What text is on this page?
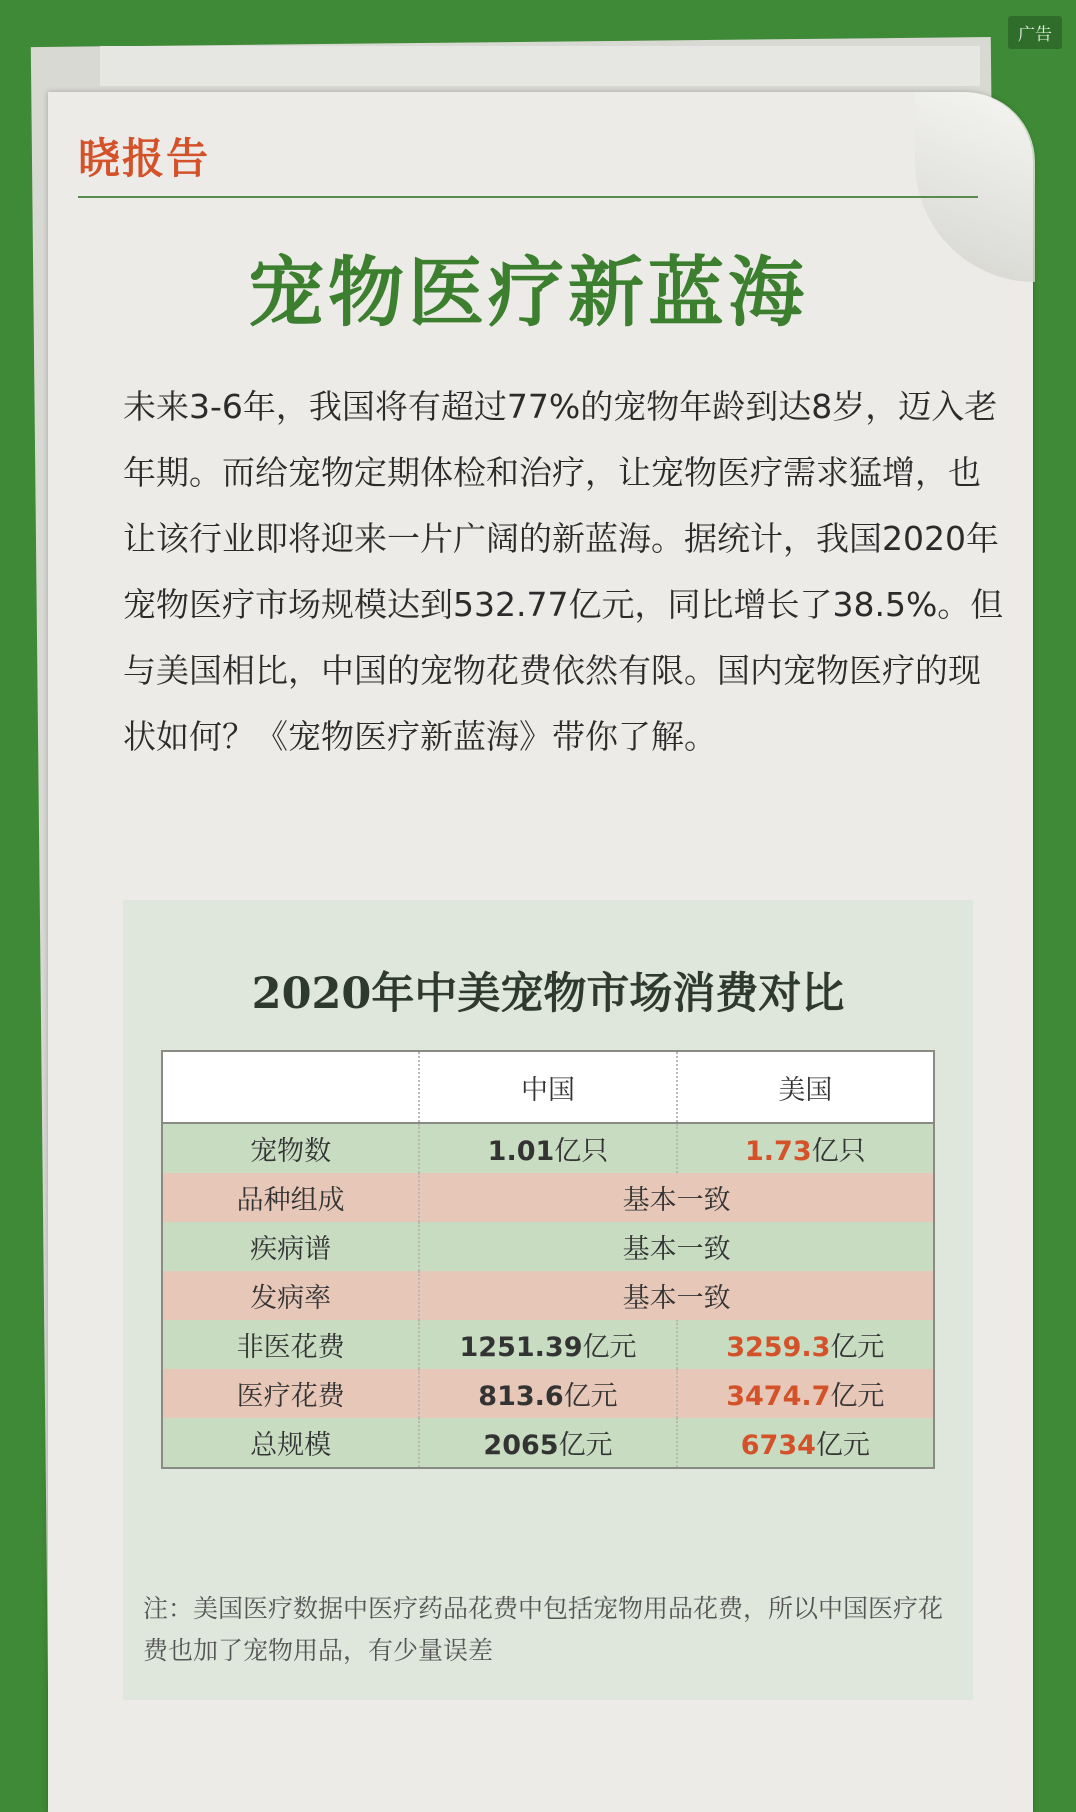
广告
晓报告
宠物医疗新蓝海

未来3-6年，我国将有超过77%的宠物年龄到达8岁，迈入老年期。而给宠物定期体检和治疗，让宠物医疗需求猛增，也让该行业即将迎来一片广阔的新蓝海。据统计，我国2020年宠物医疗市场规模达到532.77亿元，同比增长了38.5%。但与美国相比，中国的宠物花费依然有限。国内宠物医疗的现状如何？《宠物医疗新蓝海》带你了解。

2020年中美宠物市场消费对比
	中国	美国
宠物数	1.01亿只	1.73亿只
品种组成	基本一致	
疾病谱	基本一致	
发病率	基本一致	
非医花费	1251.39亿元	3259.3亿元
医疗花费	813.6亿元	3474.7亿元
总规模	2065亿元	6734亿元

注：美国医疗数据中医疗药品花费中包括宠物用品花费，所以中国医疗花费也加了宠物用品，有少量误差
